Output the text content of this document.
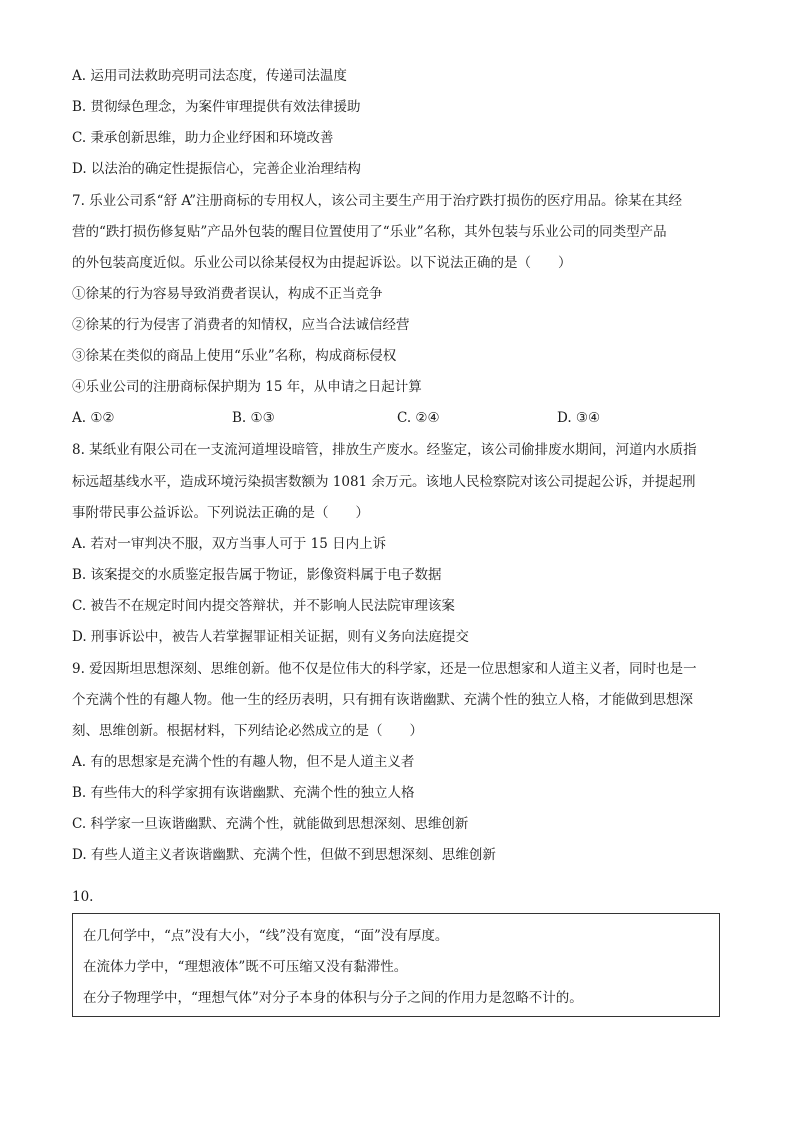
A. 运用司法救助亮明司法态度，传递司法温度
B. 贯彻绿色理念，为案件审理提供有效法律援助
C. 秉承创新思维，助力企业纾困和环境改善
D. 以法治的确定性提振信心，完善企业治理结构
7. 乐业公司系“舒 A”注册商标的专用权人，该公司主要生产用于治疗跌打损伤的医疗用品。徐某在其经
营的“跌打损伤修复贴”产品外包装的醒目位置使用了“乐业”名称，其外包装与乐业公司的同类型产品
的外包装高度近似。乐业公司以徐某侵权为由提起诉讼。以下说法正确的是（　　）
①徐某的行为容易导致消费者误认，构成不正当竞争
②徐某的行为侵害了消费者的知情权，应当合法诚信经营
③徐某在类似的商品上使用“乐业”名称，构成商标侵权
④乐业公司的注册商标保护期为 15 年，从申请之日起计算
A. ①②	B. ①③	C. ②④	D. ③④
8. 某纸业有限公司在一支流河道埋设暗管，排放生产废水。经鉴定，该公司偷排废水期间，河道内水质指
标远超基线水平，造成环境污染损害数额为 1081 余万元。该地人民检察院对该公司提起公诉，并提起刑
事附带民事公益诉讼。下列说法正确的是（　　）
A. 若对一审判决不服，双方当事人可于 15 日内上诉
B. 该案提交的水质鉴定报告属于物证，影像资料属于电子数据
C. 被告不在规定时间内提交答辩状，并不影响人民法院审理该案
D. 刑事诉讼中，被告人若掌握罪证相关证据，则有义务向法庭提交
9. 爱因斯坦思想深刻、思维创新。他不仅是位伟大的科学家，还是一位思想家和人道主义者，同时也是一
个充满个性的有趣人物。他一生的经历表明，只有拥有诙谐幽默、充满个性的独立人格，才能做到思想深
刻、思维创新。根据材料，下列结论必然成立的是（　　）
A. 有的思想家是充满个性的有趣人物，但不是人道主义者
B. 有些伟大的科学家拥有诙谐幽默、充满个性的独立人格
C. 科学家一旦诙谐幽默、充满个性，就能做到思想深刻、思维创新
D. 有些人道主义者诙谐幽默、充满个性，但做不到思想深刻、思维创新
10.
在几何学中，“点”没有大小，“线”没有宽度，“面”没有厚度。
在流体力学中，“理想液体”既不可压缩又没有黏滞性。
在分子物理学中，“理想气体”对分子本身的体积与分子之间的作用力是忽略不计的。
